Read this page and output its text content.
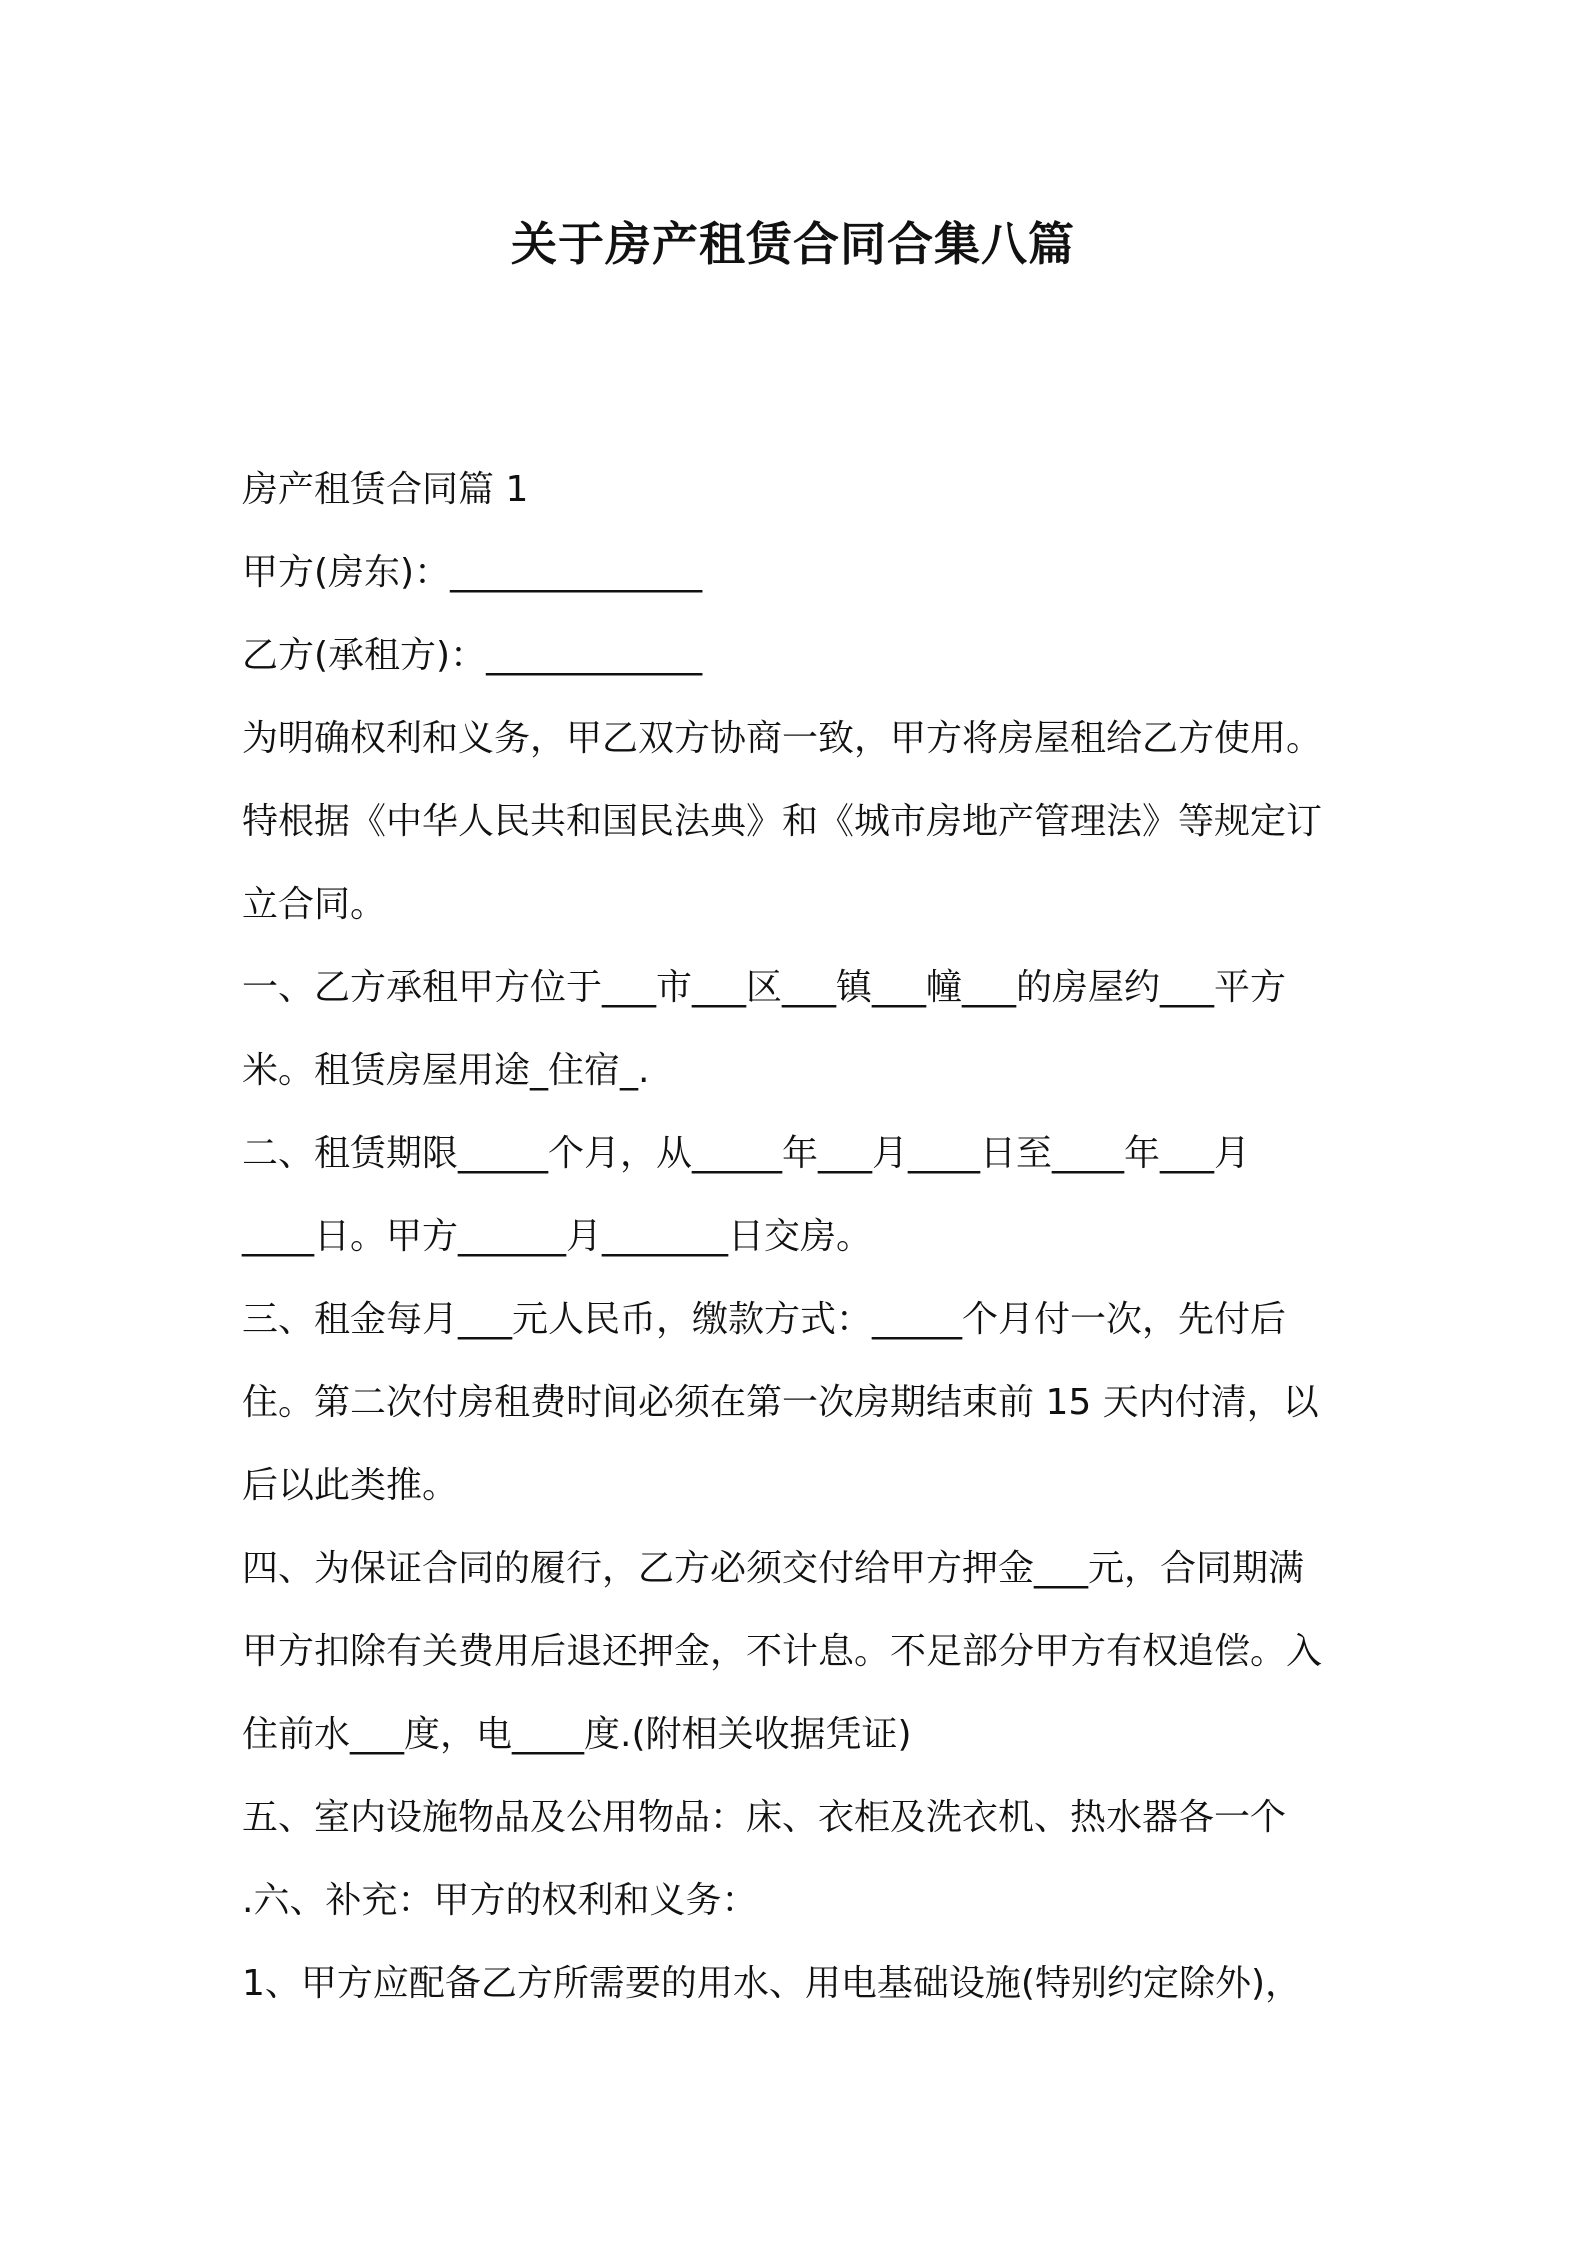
关于房产租赁合同合集八篇
房产租赁合同篇 1
甲方(房东)：______________
乙方(承租方)：____________
为明确权利和义务，甲乙双方协商一致，甲方将房屋租给乙方使用。
特根据《中华人民共和国民法典》和《城市房地产管理法》等规定订
立合同。
一、乙方承租甲方位于___市___区___镇___幢___的房屋约___平方
米。租赁房屋用途_住宿_.
二、租赁期限_____个月，从_____年___月____日至____年___月
____日。甲方______月_______日交房。
三、租金每月___元人民币，缴款方式：_____个月付一次，先付后
住。第二次付房租费时间必须在第一次房期结束前 15 天内付清，以
后以此类推。
四、为保证合同的履行，乙方必须交付给甲方押金___元，合同期满
甲方扣除有关费用后退还押金，不计息。不足部分甲方有权追偿。入
住前水___度，电____度.(附相关收据凭证)
五、室内设施物品及公用物品：床、衣柜及洗衣机、热水器各一个
.六、补充：甲方的权利和义务：
1、甲方应配备乙方所需要的用水、用电基础设施(特别约定除外)，
